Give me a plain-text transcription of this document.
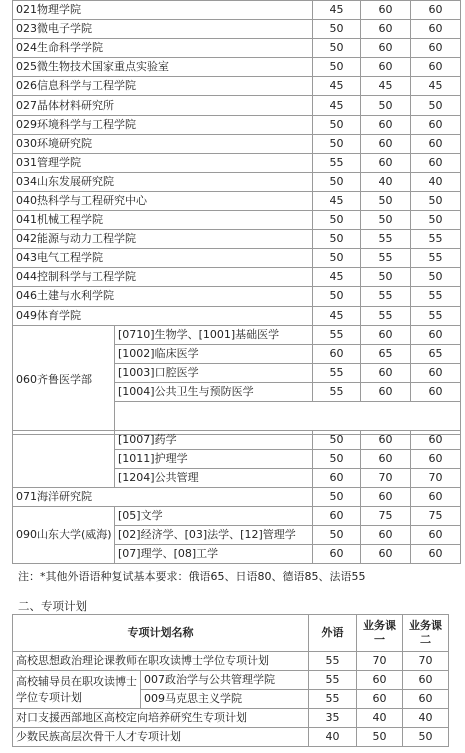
021物理学院		45	60	60
023微电子学院		50	60	60
024生命科学学院		50	60	60
025微生物技术国家重点实验室		50	60	60
026信息科学与工程学院		45	45	45
027晶体材料研究所		45	50	50
029环境科学与工程学院		50	60	60
030环境研究院		50	60	60
031管理学院		55	60	60
034山东发展研究院		50	40	40
040热科学与工程研究中心		45	50	50
041机械工程学院		50	50	50
042能源与动力工程学院		50	55	55
043电气工程学院		50	55	55
044控制科学与工程学院		45	50	50
046土建与水利学院		50	55	55
049体育学院		45	55	55
060齐鲁医学部	[0710]生物学、[1001]基础医学	55	60	60
	[1002]临床医学	60	65	65
	[1003]口腔医学	55	60	60
	[1004]公共卫生与预防医学	55	60	60

	[1007]药学	50	60	60
	[1011]护理学	50	60	60
	[1204]公共管理	60	70	70
071海洋研究院		50	60	60
090山东大学(威海)	[05]文学	60	75	75
	[02]经济学、[03]法学、[12]管理学	50	60	60
	[07]理学、[08]工学	60	60	60
注：*其他外语语种复试基本要求：俄语65、日语80、德语85、法语55
二、专项计划
专项计划名称		外语	业务课一	业务课二
高校思想政治理论课教师在职攻读博士学位专项计划		55	70	70
高校辅导员在职攻读博士学位专项计划	007政治学与公共管理学院	55	60	60
	009马克思主义学院	55	60	60
对口支援西部地区高校定向培养研究生专项计划		35	40	40
少数民族高层次骨干人才专项计划		40	50	50
